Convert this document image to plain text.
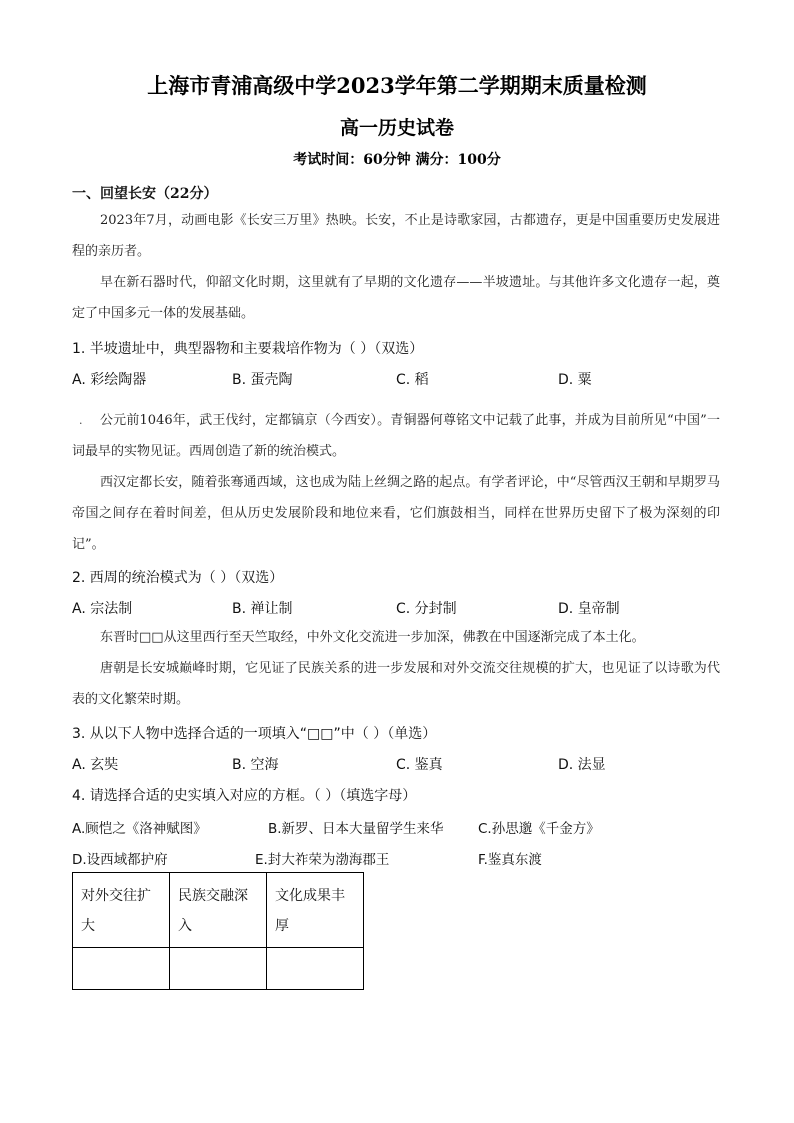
上海市青浦高级中学2023学年第二学期期末质量检测
高一历史试卷
考试时间：60分钟 满分：100分
一、回望长安（22分）
2023年7月，动画电影《长安三万里》热映。长安，不止是诗歌家园，古都遗存，更是中国重要历史发展进程的亲历者。
早在新石器时代，仰韶文化时期，这里就有了早期的文化遗存——半坡遗址。与其他许多文化遗存一起，奠定了中国多元一体的发展基础。
1. 半坡遗址中，典型器物和主要栽培作物为（ ）（双选）
A. 彩绘陶器	B. 蛋壳陶	C. 稻	D. 粟
·	公元前1046年，武王伐纣，定都镐京（今西安）。青铜器何尊铭文中记载了此事，并成为目前所见“中国”一词最早的实物见证。西周创造了新的统治模式。
西汉定都长安，随着张骞通西域，这也成为陆上丝绸之路的起点。有学者评论，中“尽管西汉王朝和早期罗马帝国之间存在着时间差，但从历史发展阶段和地位来看，它们旗鼓相当，同样在世界历史留下了极为深刻的印记”。
2. 西周的统治模式为（ ）（双选）
A. 宗法制	B. 禅让制	C. 分封制	D. 皇帝制
东晋时□□从这里西行至天竺取经，中外文化交流进一步加深，佛教在中国逐渐完成了本土化。
唐朝是长安城巅峰时期，它见证了民族关系的进一步发展和对外交流交往规模的扩大，也见证了以诗歌为代表的文化繁荣时期。
3. 从以下人物中选择合适的一项填入“□□”中（ ）（单选）
A. 玄奘	B. 空海	C. 鉴真	D. 法显
4. 请选择合适的史实填入对应的方框。（ ）（填选字母）
A.顾恺之《洛神赋图》	B.新罗、日本大量留学生来华	C.孙思邈《千金方》
D.设西域都护府	E.封大祚荣为渤海郡王	F.鉴真东渡
对外交往扩大	民族交融深入	文化成果丰厚
